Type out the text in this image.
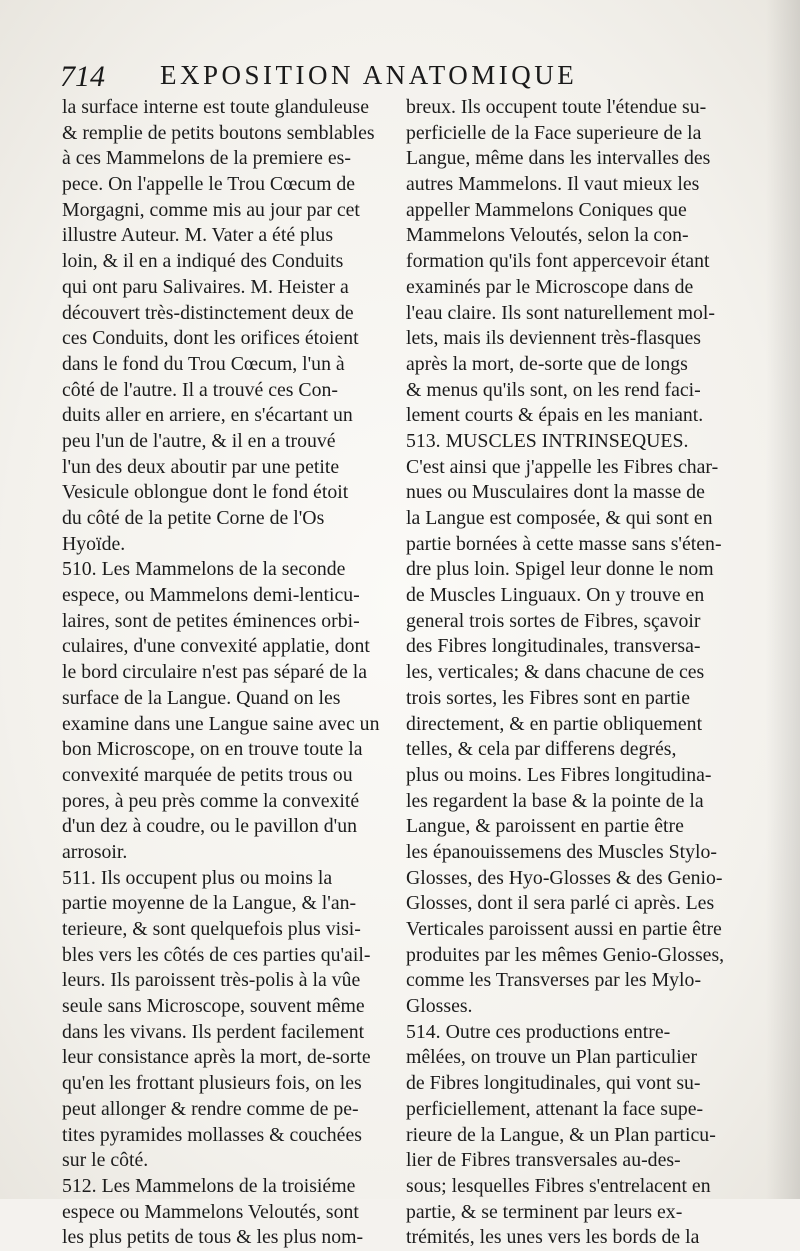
714 EXPOSITION ANATOMIQUE
la surface interne est toute glanduleuse
& remplie de petits boutons semblables
à ces Mammelons de la premiere es-
pece. On l'appelle le Trou Cœcum de
Morgagni, comme mis au jour par cet
illustre Auteur. M. Vater a été plus
loin, & il en a indiqué des Conduits
qui ont paru Salivaires. M. Heister a
découvert très-distinctement deux de
ces Conduits, dont les orifices étoient
dans le fond du Trou Cœcum, l'un à
côté de l'autre. Il a trouvé ces Con-
duits aller en arriere, en s'écartant un
peu l'un de l'autre, & il en a trouvé
l'un des deux aboutir par une petite
Vesicule oblongue dont le fond étoit
du côté de la petite Corne de l'Os
Hyoïde.
510. Les Mammelons de la seconde
espece, ou Mammelons demi-lenticu-
laires, sont de petites éminences orbi-
culaires, d'une convexité applatie, dont
le bord circulaire n'est pas séparé de la
surface de la Langue. Quand on les
examine dans une Langue saine avec un
bon Microscope, on en trouve toute la
convexité marquée de petits trous ou
pores, à peu près comme la convexité
d'un dez à coudre, ou le pavillon d'un
arrosoir.
511. Ils occupent plus ou moins la
partie moyenne de la Langue, & l'an-
terieure, & sont quelquefois plus visi-
bles vers les côtés de ces parties qu'ail-
leurs. Ils paroissent très-polis à la vûe
seule sans Microscope, souvent même
dans les vivans. Ils perdent facilement
leur consistance après la mort, de-sorte
qu'en les frottant plusieurs fois, on les
peut allonger & rendre comme de pe-
tites pyramides mollasses & couchées
sur le côté.
512. Les Mammelons de la troisiéme
espece ou Mammelons Veloutés, sont
les plus petits de tous & les plus nom-
breux. Ils occupent toute l'étendue su-
perficielle de la Face superieure de la
Langue, même dans les intervalles des
autres Mammelons. Il vaut mieux les
appeller Mammelons Coniques que
Mammelons Veloutés, selon la con-
formation qu'ils font appercevoir étant
examinés par le Microscope dans de
l'eau claire. Ils sont naturellement mol-
lets, mais ils deviennent très-flasques
après la mort, de-sorte que de longs
& menus qu'ils sont, on les rend faci-
lement courts & épais en les maniant.
513. MUSCLES INTRINSEQUES.
C'est ainsi que j'appelle les Fibres char-
nues ou Musculaires dont la masse de
la Langue est composée, & qui sont en
partie bornées à cette masse sans s'éten-
dre plus loin. Spigel leur donne le nom
de Muscles Linguaux. On y trouve en
general trois sortes de Fibres, sçavoir
des Fibres longitudinales, transversa-
les, verticales; & dans chacune de ces
trois sortes, les Fibres sont en partie
directement, & en partie obliquement
telles, & cela par differens degrés,
plus ou moins. Les Fibres longitudina-
les regardent la base & la pointe de la
Langue, & paroissent en partie être
les épanouissemens des Muscles Stylo-
Glosses, des Hyo-Glosses & des Genio-
Glosses, dont il sera parlé ci après. Les
Verticales paroissent aussi en partie être
produites par les mêmes Genio-Glosses,
comme les Transverses par les Mylo-
Glosses.
514. Outre ces productions entre-
mêlées, on trouve un Plan particulier
de Fibres longitudinales, qui vont su-
perficiellement, attenant la face supe-
rieure de la Langue, & un Plan particu-
lier de Fibres transversales au-des-
sous; lesquelles Fibres s'entrelacent en
partie, & se terminent par leurs ex-
trémités, les unes vers les bords de la
